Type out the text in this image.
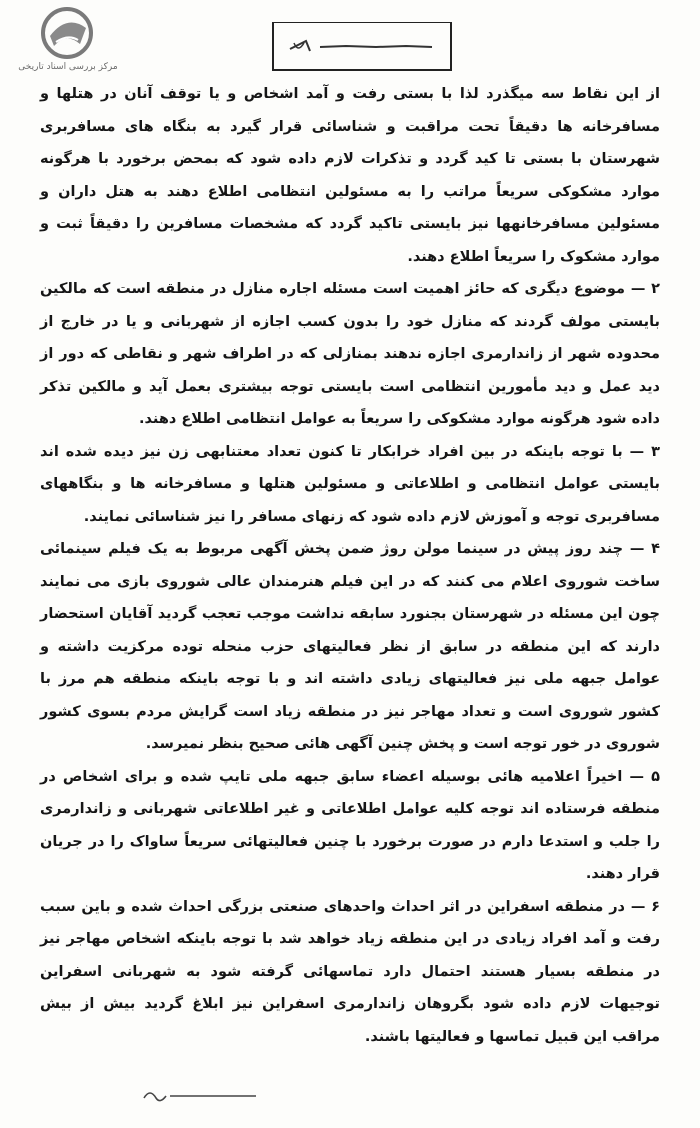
مرکز بررسی اسناد تاریخی

از این نقاط سه میگذرد لذا با بستی رفت و آمد اشخاص و یا توقف آنان در هتلها و مسافرخانه ها دقیقاً تحت مراقبت و شناسائی قرار گیرد به بنگاه های مسافربری شهرستان با بستی تا کید گردد و تذکرات لازم داده شود که بمحض برخورد با هرگونه موارد مشکوکی سریعاً مراتب را به مسئولین انتظامی اطلاع دهند به هتل داران و مسئولین مسافرخانهها نیز بایستی تاکید گردد که مشخصات مسافرین را دقیقاً ثبت و موارد مشکوک را سریعاً اطلاع دهند.

۲ — موضوع دیگری که حائز اهمیت است مسئله اجاره منازل در منطقه است که مالکین بایستی مولف گردند که منازل خود را بدون کسب اجازه از شهربانی و یا در خارج از محدوده شهر از زاندارمری اجازه ندهند بمنازلی که در اطراف شهر و نقاطی که دور از دید عمل و دید مأمورین انتظامی است بایستی توجه بیشتری بعمل آید و مالکین تذکر داده شود هرگونه موارد مشکوکی را سریعاً به عوامل انتظامی اطلاع دهند.

۳ — با توجه باینکه در بین افراد خرابکار تا کنون تعداد معتنابهی زن نیز دیده شده اند بایستی عوامل انتظامی و اطلاعاتی و مسئولین هتلها و مسافرخانه ها و بنگاههای مسافربری توجه و آموزش لازم داده شود که زنهای مسافر را نیز شناسائی نمایند.

۴ — چند روز پیش در سینما مولن روژ ضمن پخش آگهی مربوط به یک فیلم سینمائی ساخت شوروی اعلام می کنند که در این فیلم هنرمندان عالی شوروی بازی می نمایند چون این مسئله در شهرستان بجنورد سابقه نداشت موجب تعجب گردید آقایان استحضار دارند که این منطقه در سابق از نظر فعالیتهای حزب منحله توده مرکزیت داشته و عوامل جبهه ملی نیز فعالیتهای زیادی داشته اند و با توجه باینکه منطقه هم مرز با کشور شوروی است و تعداد مهاجر نیز در منطقه زیاد است گرایش مردم بسوی کشور شوروی در خور توجه است و پخش چنین آگهی هائی صحیح بنظر نمیرسد.

۵ — اخیراً اعلامیه هائی بوسیله اعضاء سابق جبهه ملی تایپ شده و برای اشخاص در منطقه فرستاده اند توجه کلیه عوامل اطلاعاتی و غیر اطلاعاتی شهربانی و زاندارمری را جلب و استدعا دارم در صورت برخورد با چنین فعالیتهائی سریعاً ساواک را در جریان قرار دهند.

۶ — در منطقه اسفراین در اثر احداث واحدهای صنعتی بزرگی احداث شده و باین سبب رفت و آمد افراد زیادی در این منطقه زیاد خواهد شد با توجه باینکه اشخاص مهاجر نیز در منطقه بسیار هستند احتمال دارد تماسهائی گرفته شود به شهربانی اسفراین توجیهات لازم داده شود بگروهان زاندارمری اسفراین نیز ابلاغ گردید بیش از بیش مراقب این قبیل تماسها و فعالیتها باشند.
